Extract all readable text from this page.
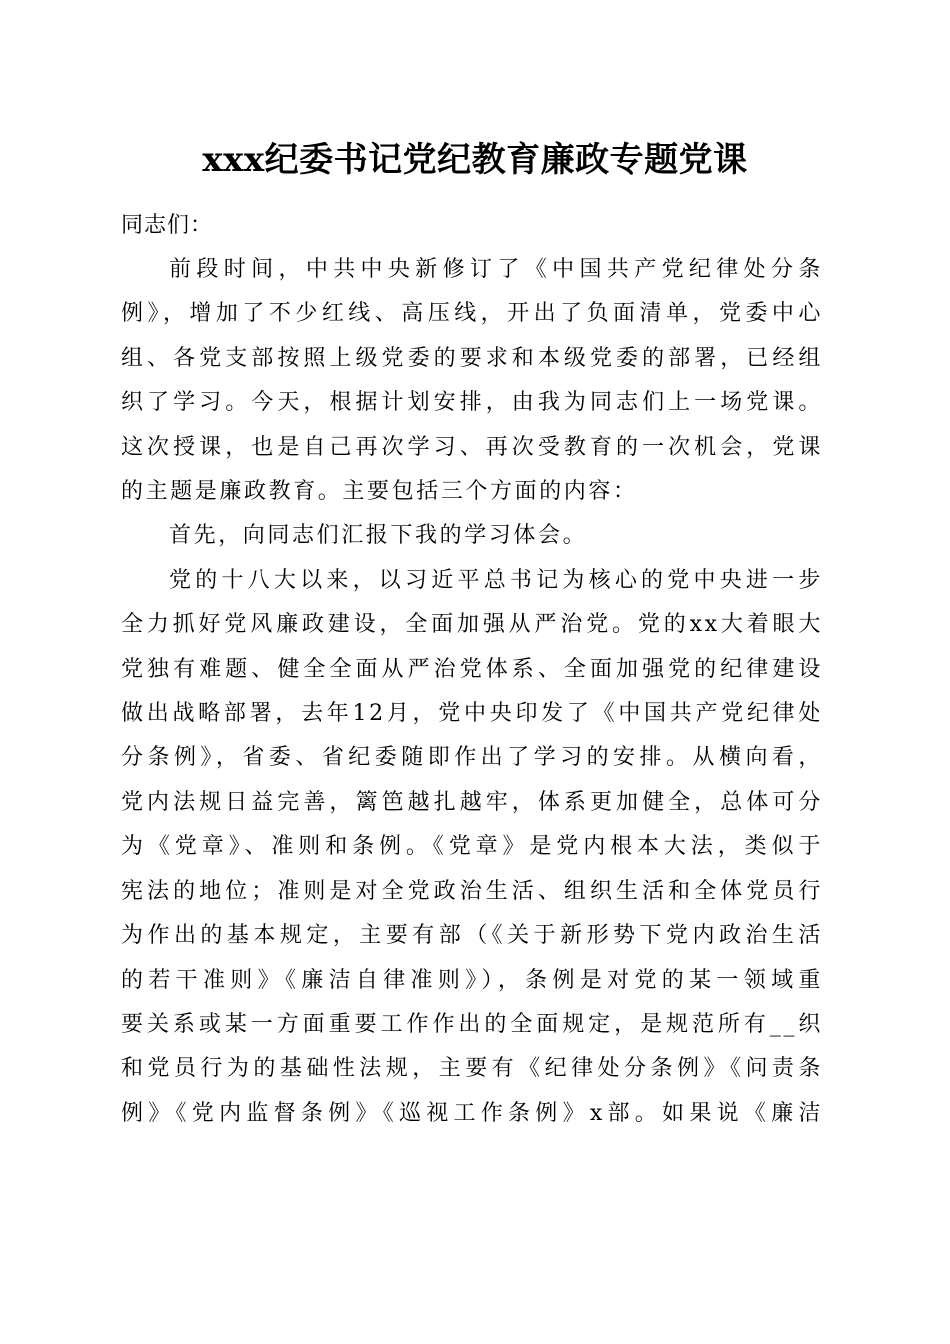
xxx纪委书记党纪教育廉政专题党课

同志们：

前段时间，中共中央新修订了《中国共产党纪律处分条
例》，增加了不少红线、高压线，开出了负面清单，党委中心
组、各党支部按照上级党委的要求和本级党委的部署，已经组
织了学习。今天，根据计划安排，由我为同志们上一场党课。
这次授课，也是自己再次学习、再次受教育的一次机会，党课
的主题是廉政教育。主要包括三个方面的内容：

首先，向同志们汇报下我的学习体会。

党的十八大以来，以习近平总书记为核心的党中央进一步
全力抓好党风廉政建设，全面加强从严治党。党的xx大着眼大
党独有难题、健全全面从严治党体系、全面加强党的纪律建设
做出战略部署，去年12月，党中央印发了《中国共产党纪律处
分条例》，省委、省纪委随即作出了学习的安排。从横向看，
党内法规日益完善，篱笆越扎越牢，体系更加健全，总体可分
为《党章》、准则和条例。《党章》是党内根本大法，类似于
宪法的地位；准则是对全党政治生活、组织生活和全体党员行
为作出的基本规定，主要有部（《关于新形势下党内政治生活
的若干准则》《廉洁自律准则》），条例是对党的某一领域重
要关系或某一方面重要工作作出的全面规定，是规范所有__织
和党员行为的基础性法规，主要有《纪律处分条例》《问责条
例》《党内监督条例》《巡视工作条例》x部。如果说《廉洁
